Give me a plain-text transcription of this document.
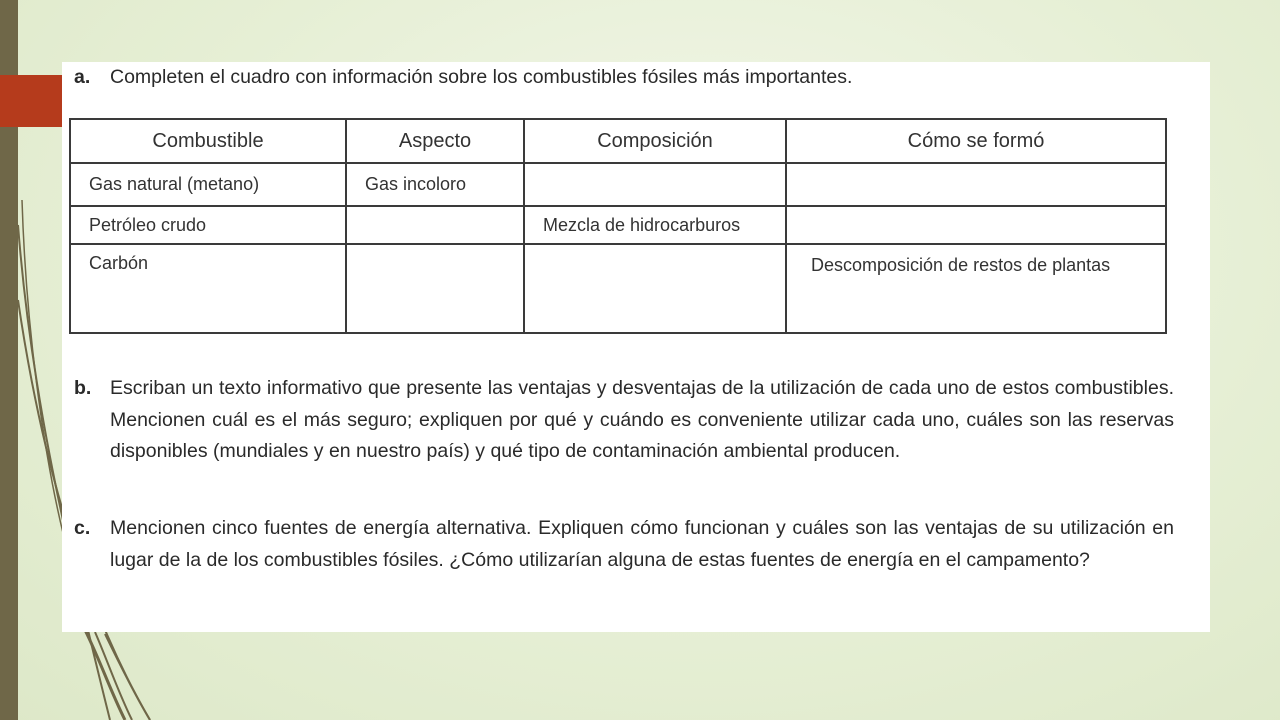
a.	Completen el cuadro con información sobre los combustibles fósiles más importantes.
Combustible	Aspecto	Composición	Cómo se formó
Gas natural (metano)	Gas incoloro		
Petróleo crudo		Mezcla de hidrocarburos	
Carbón			Descomposición de restos de plantas
b. Escriban un texto informativo que presente las ventajas y desventajas de la utilización de cada uno de estos combustibles. Mencionen cuál es el más seguro; expliquen por qué y cuándo es conveniente utilizar cada uno, cuáles son las reservas disponibles (mundiales y en nuestro país) y qué tipo de contaminación ambiental producen.
c.	Mencionen cinco fuentes de energía alternativa. Expliquen cómo funcionan y cuáles son las ventajas de su utilización en lugar de la de los combustibles fósiles. ¿Cómo utilizarían alguna de estas fuentes de energía en el campamento?
